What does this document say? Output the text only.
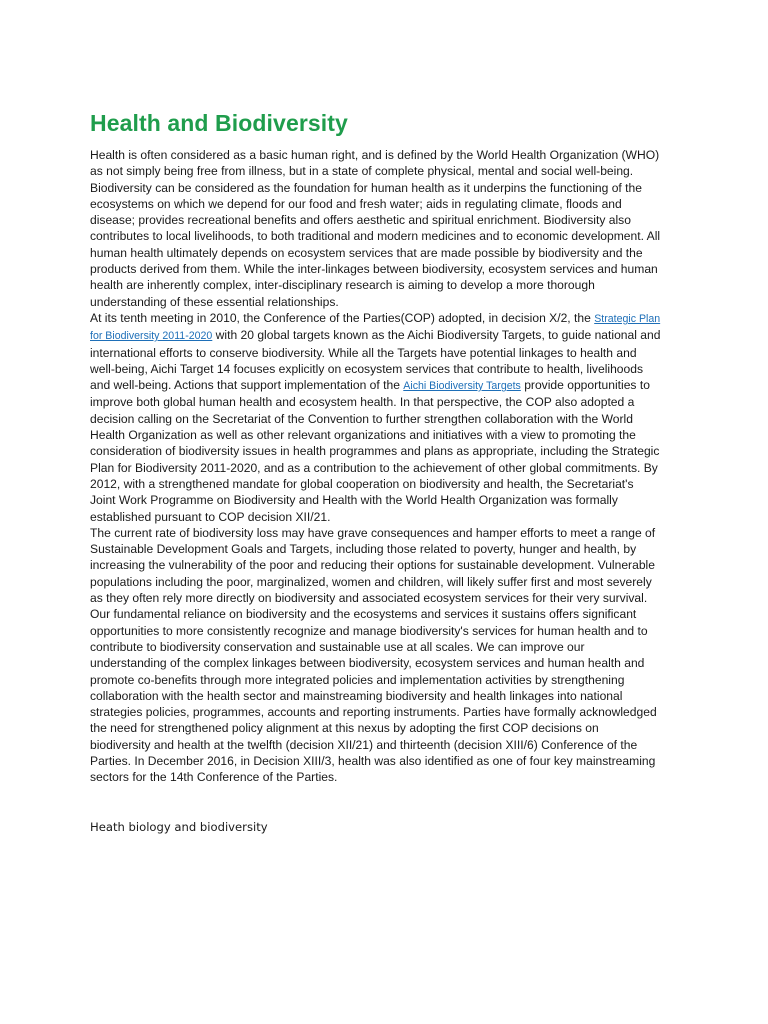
Health and Biodiversity

Health is often considered as a basic human right, and is defined by the World Health Organization (WHO) as not simply being free from illness, but in a state of complete physical, mental and social well-being. Biodiversity can be considered as the foundation for human health as it underpins the functioning of the ecosystems on which we depend for our food and fresh water; aids in regulating climate, floods and disease; provides recreational benefits and offers aesthetic and spiritual enrichment. Biodiversity also contributes to local livelihoods, to both traditional and modern medicines and to economic development. All human health ultimately depends on ecosystem services that are made possible by biodiversity and the products derived from them. While the inter-linkages between biodiversity, ecosystem services and human health are inherently complex, inter-disciplinary research is aiming to develop a more thorough understanding of these essential relationships.

At its tenth meeting in 2010, the Conference of the Parties(COP) adopted, in decision X/2, the Strategic Plan for Biodiversity 2011-2020 with 20 global targets known as the Aichi Biodiversity Targets, to guide national and international efforts to conserve biodiversity. While all the Targets have potential linkages to health and well-being, Aichi Target 14 focuses explicitly on ecosystem services that contribute to health, livelihoods and well-being. Actions that support implementation of the Aichi Biodiversity Targets provide opportunities to improve both global human health and ecosystem health. In that perspective, the COP also adopted a decision calling on the Secretariat of the Convention to further strengthen collaboration with the World Health Organization as well as other relevant organizations and initiatives with a view to promoting the consideration of biodiversity issues in health programmes and plans as appropriate, including the Strategic Plan for Biodiversity 2011-2020, and as a contribution to the achievement of other global commitments. By 2012, with a strengthened mandate for global cooperation on biodiversity and health, the Secretariat's Joint Work Programme on Biodiversity and Health with the World Health Organization was formally established pursuant to COP decision XII/21.

The current rate of biodiversity loss may have grave consequences and hamper efforts to meet a range of Sustainable Development Goals and Targets, including those related to poverty, hunger and health, by increasing the vulnerability of the poor and reducing their options for sustainable development. Vulnerable populations including the poor, marginalized, women and children, will likely suffer first and most severely as they often rely more directly on biodiversity and associated ecosystem services for their very survival. Our fundamental reliance on biodiversity and the ecosystems and services it sustains offers significant opportunities to more consistently recognize and manage biodiversity's services for human health and to contribute to biodiversity conservation and sustainable use at all scales. We can improve our understanding of the complex linkages between biodiversity, ecosystem services and human health and promote co-benefits through more integrated policies and implementation activities by strengthening collaboration with the health sector and mainstreaming biodiversity and health linkages into national strategies policies, programmes, accounts and reporting instruments. Parties have formally acknowledged the need for strengthened policy alignment at this nexus by adopting the first COP decisions on biodiversity and health at the twelfth (decision XII/21) and thirteenth (decision XIII/6) Conference of the Parties. In December 2016, in Decision XIII/3, health was also identified as one of four key mainstreaming sectors for the 14th Conference of the Parties.

Heath biology and biodiversity
